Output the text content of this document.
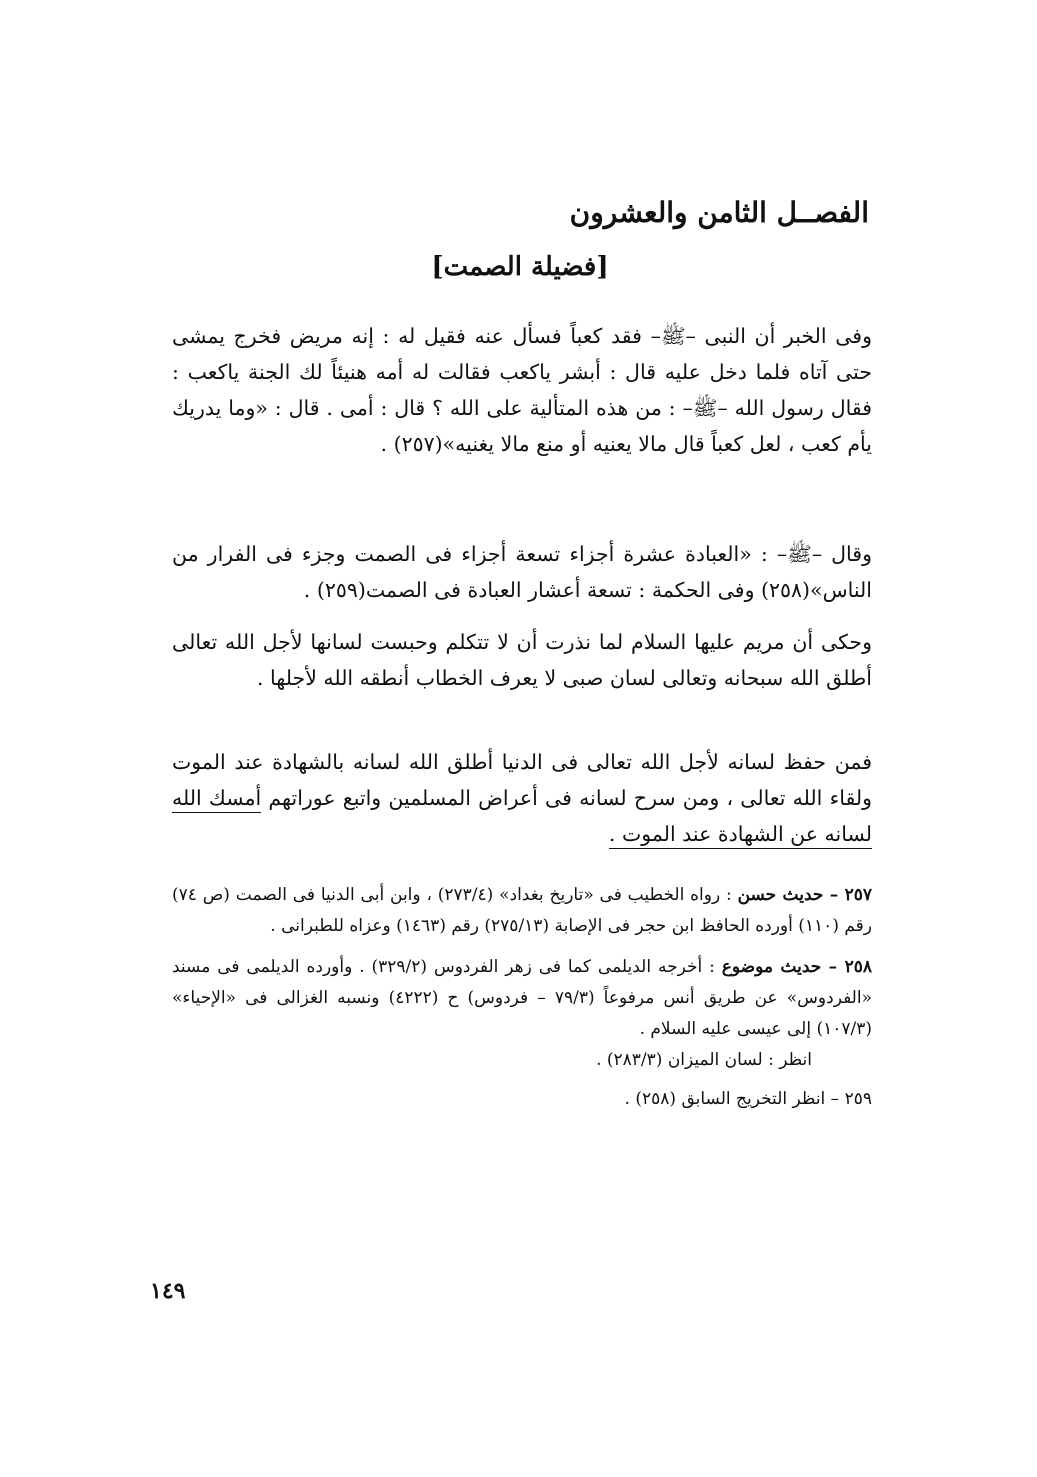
الفصــل الثامن والعشرون
[فضيلة الصمت]

وفى الخبر أن النبى –ﷺ– فقد كعباً فسأل عنه فقيل له : إنه مريض فخرج يمشى حتى آتاه فلما دخل عليه قال : أبشر ياكعب فقالت له أمه هنيئاً لك الجنة ياكعب : فقال رسول الله –ﷺ– : من هذه المتألية على الله ؟ قال : أمى . قال : «وما يدريك يأم كعب ، لعل كعباً قال مالا يعنيه أو منع مالا يغنيه»(٢٥٧) .

وقال –ﷺ– : «العبادة عشرة أجزاء تسعة أجزاء فى الصمت وجزء فى الفرار من الناس»(٢٥٨) وفى الحكمة : تسعة أعشار العبادة فى الصمت(٢٥٩) .

وحكى أن مريم عليها السلام لما نذرت أن لا تتكلم وحبست لسانها لأجل الله تعالى أطلق الله سبحانه وتعالى لسان صبى لا يعرف الخطاب أنطقه الله لأجلها .

فمن حفظ لسانه لأجل الله تعالى فى الدنيا أطلق الله لسانه بالشهادة عند الموت ولقاء الله تعالى ، ومن سرح لسانه فى أعراض المسلمين واتبع عوراتهم أمسك الله لسانه عن الشهادة عند الموت .

٢٥٧ – حديث حسن : رواه الخطيب فى «تاريخ بغداد» (٢٧٣/٤) ، وابن أبى الدنيا فى الصمت (ص ٧٤) رقم (١١٠) أورده الحافظ ابن حجر فى الإصابة (٢٧٥/١٣) رقم (١٤٦٣) وعزاه للطبرانى .

٢٥٨ – حديث موضوع : أخرجه الديلمى كما فى زهر الفردوس (٣٢٩/٢) . وأورده الديلمى فى مسند «الفردوس» عن طريق أنس مرفوعاً (٧٩/٣ – فردوس) ح (٤٢٢٢) ونسبه الغزالى فى «الإحياء» (١٠٧/٣) إلى عيسى عليه السلام .

انظر : لسان الميزان (٢٨٣/٣) .

٢٥٩ – انظر التخريج السابق (٢٥٨) .

١٤٩
